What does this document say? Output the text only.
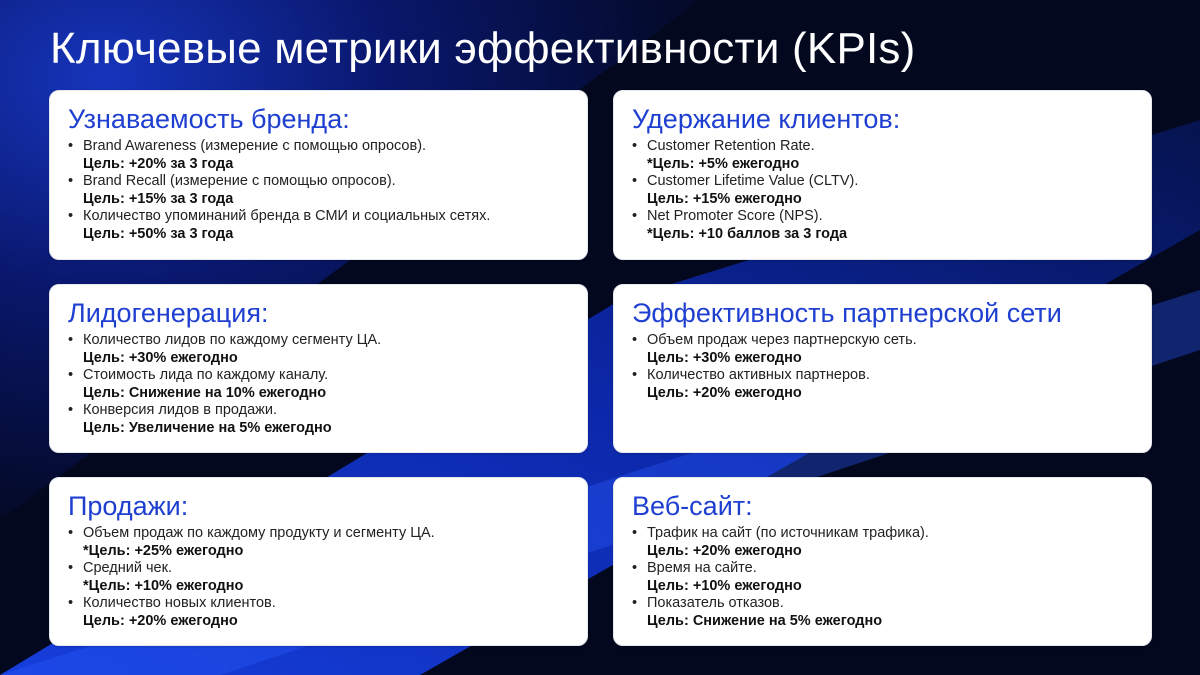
Ключевые метрики эффективности (KPIs)
Узнаваемость бренда:
• Brand Awareness (измерение с помощью опросов).
Цель: +20% за 3 года
• Brand Recall (измерение с помощью опросов).
Цель: +15% за 3 года
• Количество упоминаний бренда в СМИ и социальных сетях.
Цель: +50% за 3 года
Удержание клиентов:
• Customer Retention Rate.
*Цель: +5% ежегодно
• Customer Lifetime Value (CLTV).
Цель: +15% ежегодно
• Net Promoter Score (NPS).
*Цель: +10 баллов за 3 года
Лидогенерация:
• Количество лидов по каждому сегменту ЦА.
Цель: +30% ежегодно
• Стоимость лида по каждому каналу.
Цель: Снижение на 10% ежегодно
• Конверсия лидов в продажи.
Цель: Увеличение на 5% ежегодно
Эффективность партнерской сети
• Объем продаж через партнерскую сеть.
Цель: +30% ежегодно
• Количество активных партнеров.
Цель: +20% ежегодно
Продажи:
• Объем продаж по каждому продукту и сегменту ЦА.
*Цель: +25% ежегодно
• Средний чек.
*Цель: +10% ежегодно
• Количество новых клиентов.
Цель: +20% ежегодно
Веб-сайт:
• Трафик на сайт (по источникам трафика).
Цель: +20% ежегодно
• Время на сайте.
Цель: +10% ежегодно
• Показатель отказов.
Цель: Снижение на 5% ежегодно
